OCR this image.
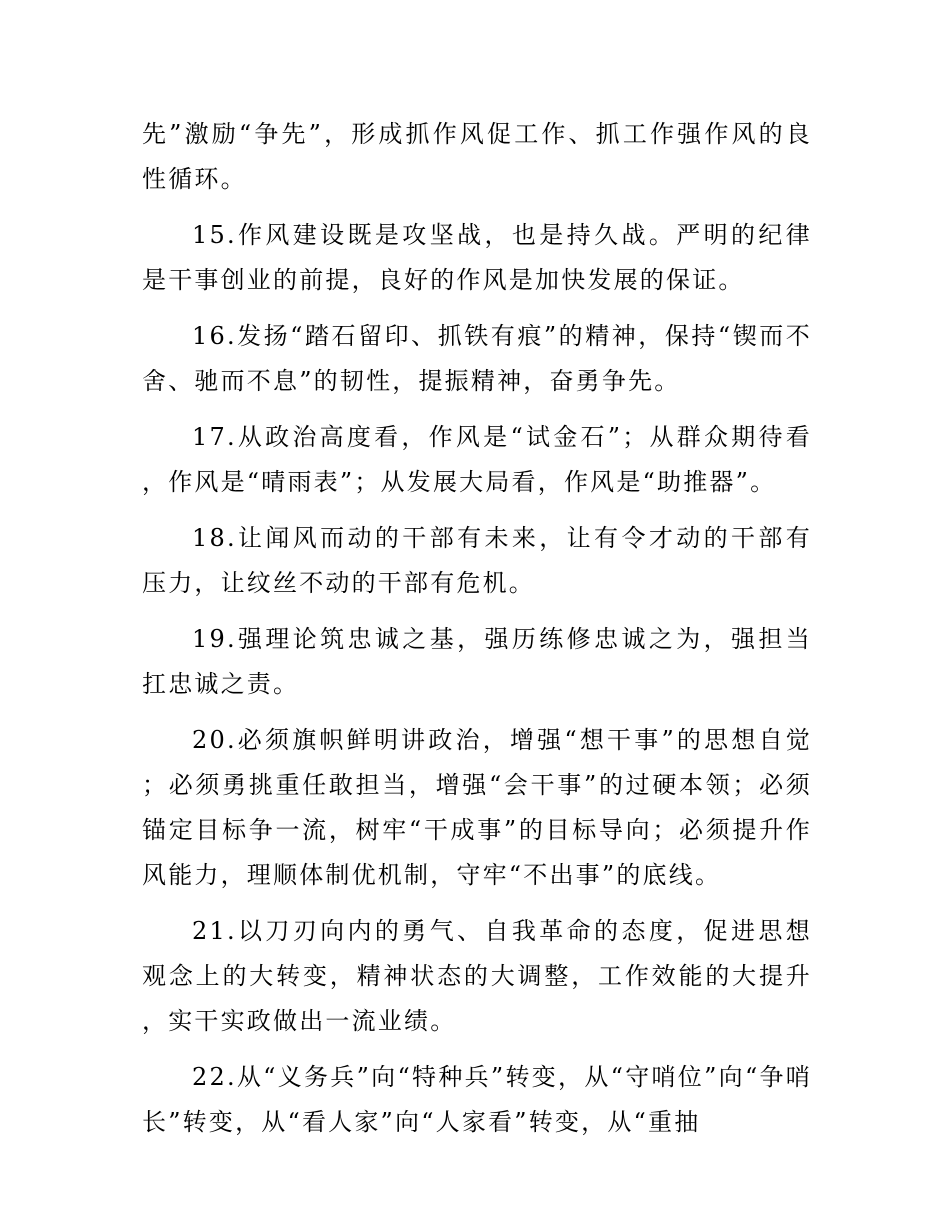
先”激励“争先”，形成抓作风促工作、抓工作强作风的良性循环。

15.作风建设既是攻坚战，也是持久战。严明的纪律是干事创业的前提，良好的作风是加快发展的保证。

16.发扬“踏石留印、抓铁有痕”的精神，保持“锲而不舍、驰而不息”的韧性，提振精神，奋勇争先。

17.从政治高度看，作风是“试金石”；从群众期待看，作风是“晴雨表”；从发展大局看，作风是“助推器”。

18.让闻风而动的干部有未来，让有令才动的干部有压力，让纹丝不动的干部有危机。

19.强理论筑忠诚之基，强历练修忠诚之为，强担当扛忠诚之责。

20.必须旗帜鲜明讲政治，增强“想干事”的思想自觉；必须勇挑重任敢担当，增强“会干事”的过硬本领；必须锚定目标争一流，树牢“干成事”的目标导向；必须提升作风能力，理顺体制优机制，守牢“不出事”的底线。

21.以刀刃向内的勇气、自我革命的态度，促进思想观念上的大转变，精神状态的大调整，工作效能的大提升，实干实政做出一流业绩。

22.从“义务兵”向“特种兵”转变，从“守哨位”向“争哨长”转变，从“看人家”向“人家看”转变，从“重抽
